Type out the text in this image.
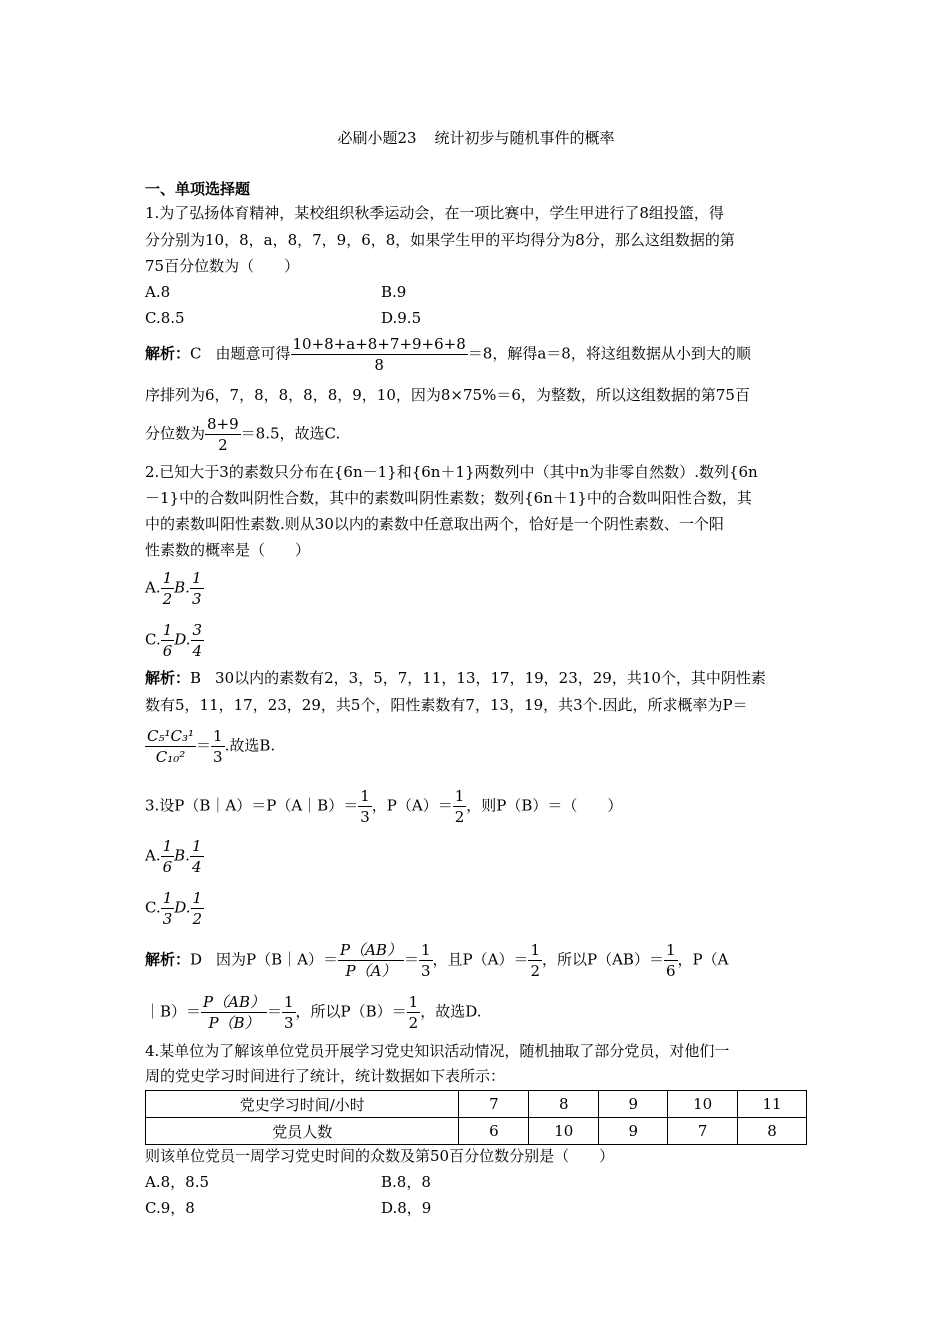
必刷小题23 统计初步与随机事件的概率
一、单项选择题
1.为了弘扬体育精神，某校组织秋季运动会，在一项比赛中，学生甲进行了8组投篮，得
分分别为10，8，a，8，7，9，6，8，如果学生甲的平均得分为8分，那么这组数据的第
75百分位数为（　　）
A.8	B.9
C.8.5	D.9.5
解析：C 由题意可得 $\frac{10+8+a+8+7+9+6+8}{8} =8$，解得a＝8，将这组数据从小到大的顺
序排列为6，7，8，8，8，8，9，10，因为8×75%＝6，为整数，所以这组数据的第75百
分位数为 $\frac{8+9}{2} =8.5$，故选C.
2.已知大于3的素数只分布在{6n－1}和{6n＋1}两数列中（其中n为非零自然数）.数列{6n
－1}中的合数叫阴性合数，其中的素数叫阴性素数；数列{6n＋1}中的合数叫阳性合数，其
中的素数叫阳性素数.则从30以内的素数中任意取出两个，恰好是一个阴性素数、一个阳
性素数的概率是（　　）
A. $\frac{1}{2} B$. $\frac{1}{3}$
C. $\frac{1}{6} D$. $\frac{3}{4}$
解析：B 30以内的素数有2，3，5，7，11，13，17，19，23，29，共10个，其中阴性素
数有5，11，17，23，29，共5个，阳性素数有7，13，19，共3个.因此，所求概率为P＝
$\frac{\text{C₅¹C₃¹}}{\text{C₁₀²}} = \frac{1}{3}$ .故选B.
3.设P（B｜A）＝P（A｜B）＝ $\frac{1}{3}$ ，$P(A)= \frac{1}{2}$ ，则P（B）＝（　　）
A. $\frac{1}{6} B$. $\frac{1}{4}$
C. $\frac{1}{3} D$. $\frac{1}{2}$
解析：D 因为P（B｜A）＝ $\frac{P(AB)}{P(A)} = \frac{1}{3}$ ，且$P(A)= \frac{1}{2}$ ，所以$P(AB)= \frac{1}{6}$ ，P（A
｜B）＝ $\frac{P(AB)}{P(B)} = \frac{1}{3}$ ，所以$P(B)= \frac{1}{2}$ ，故选D.
4.某单位为了解该单位党员开展学习党史知识活动情况，随机抽取了部分党员，对他们一
周的党史学习时间进行了统计，统计数据如下表所示：
党史学习时间/小时	7	8	9	10	11
党员人数	6	10	9	7	8
则该单位党员一周学习党史时间的众数及第50百分位数分别是（　　）
A.8，8.5	B.8，8
C.9，8	D.8，9
